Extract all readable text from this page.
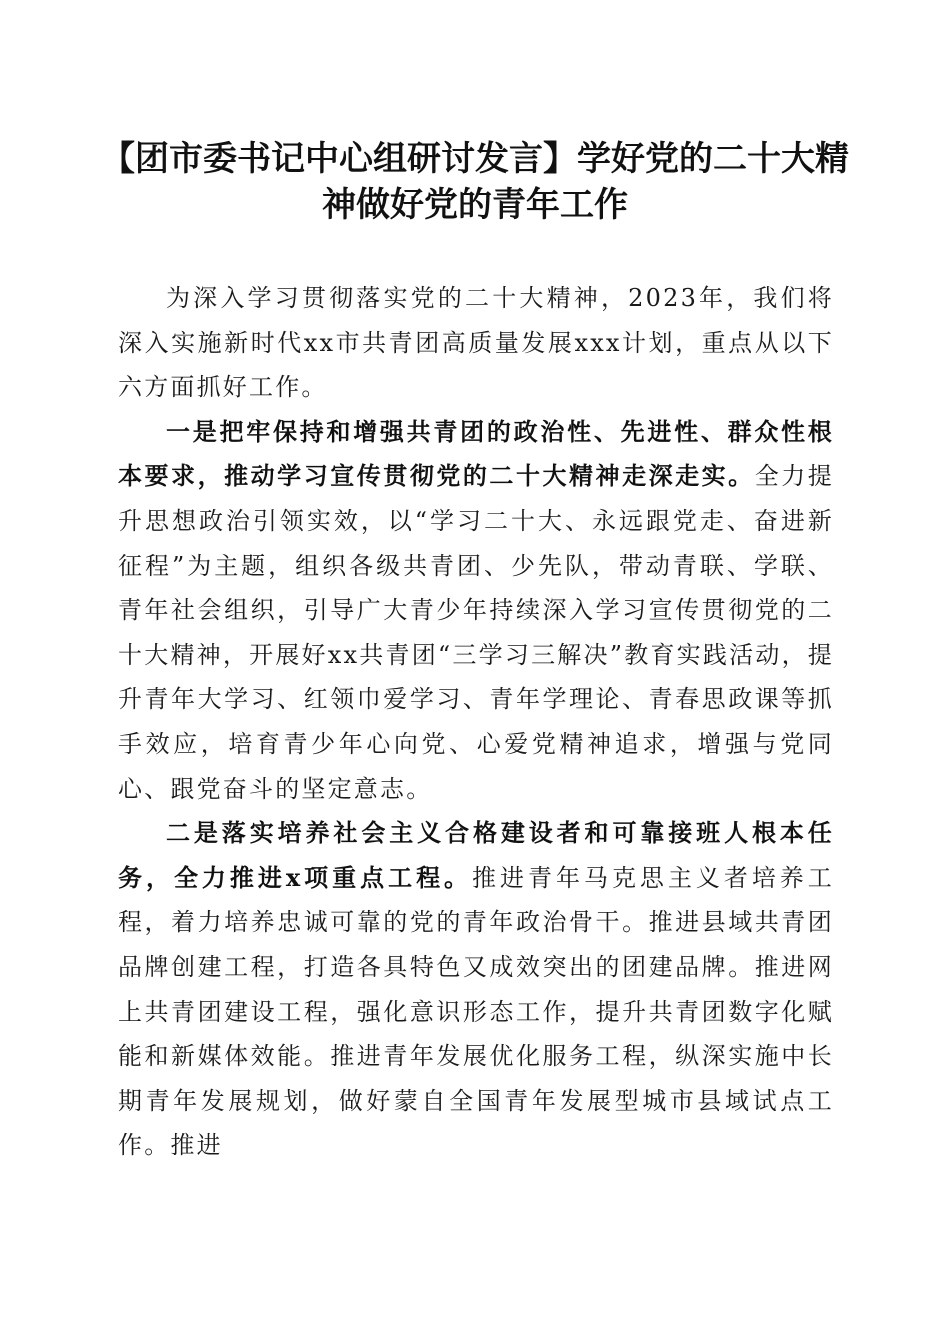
【团市委书记中心组研讨发言】学好党的二十大精神做好党的青年工作

为深入学习贯彻落实党的二十大精神，2023年，我们将深入实施新时代xx市共青团高质量发展xxx计划，重点从以下六方面抓好工作。

一是把牢保持和增强共青团的政治性、先进性、群众性根本要求，推动学习宣传贯彻党的二十大精神走深走实。全力提升思想政治引领实效，以“学习二十大、永远跟党走、奋进新征程”为主题，组织各级共青团、少先队，带动青联、学联、青年社会组织，引导广大青少年持续深入学习宣传贯彻党的二十大精神，开展好xx共青团“三学习三解决”教育实践活动，提升青年大学习、红领巾爱学习、青年学理论、青春思政课等抓手效应，培育青少年心向党、心爱党精神追求，增强与党同心、跟党奋斗的坚定意志。

二是落实培养社会主义合格建设者和可靠接班人根本任务，全力推进x项重点工程。推进青年马克思主义者培养工程，着力培养忠诚可靠的党的青年政治骨干。推进县域共青团品牌创建工程，打造各具特色又成效突出的团建品牌。推进网上共青团建设工程，强化意识形态工作，提升共青团数字化赋能和新媒体效能。推进青年发展优化服务工程，纵深实施中长期青年发展规划，做好蒙自全国青年发展型城市县域试点工作。推进
